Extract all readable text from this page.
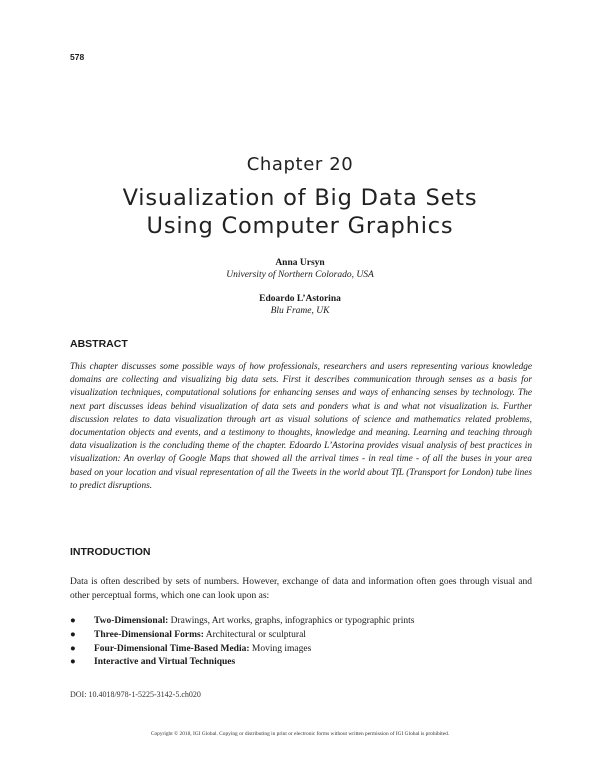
578
Chapter 20
Visualization of Big Data Sets
Using Computer Graphics
Anna Ursyn
University of Northern Colorado, USA
Edoardo L’Astorina
Blu Frame, UK
ABSTRACT

This chapter discusses some possible ways of how professionals, researchers and users representing various knowledge domains are collecting and visualizing big data sets. First it describes communication through senses as a basis for visualization techniques, computational solutions for enhancing senses and ways of enhancing senses by technology. The next part discusses ideas behind visualization of data sets and ponders what is and what not visualization is. Further discussion relates to data visualization through art as visual solutions of science and mathematics related problems, documentation objects and events, and a testimony to thoughts, knowledge and meaning. Learning and teaching through data visualization is the concluding theme of the chapter. Edoardo L’Astorina provides visual analysis of best practices in visualization: An overlay of Google Maps that showed all the arrival times - in real time - of all the buses in your area based on your location and visual representation of all the Tweets in the world about TfL (Transport for London) tube lines to predict disruptions.

INTRODUCTION

Data is often described by sets of numbers. However, exchange of data and information often goes through visual and other perceptual forms, which one can look upon as:

● Two-Dimensional: Drawings, Art works, graphs, infographics or typographic prints
● Three-Dimensional Forms: Architectural or sculptural
● Four-Dimensional Time-Based Media: Moving images
● Interactive and Virtual Techniques
DOI: 10.4018/978-1-5225-3142-5.ch020
Copyright © 2018, IGI Global. Copying or distributing in print or electronic forms without written permission of IGI Global is prohibited.
